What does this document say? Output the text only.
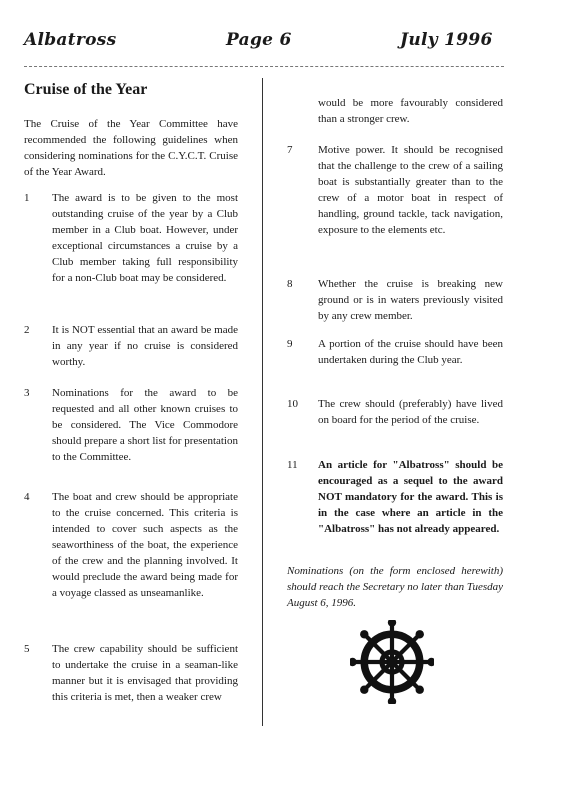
Albatross	Page 6	July 1996
Cruise of the Year
The Cruise of the Year Committee have recommended the following guidelines when considering nominations for the C.Y.C.T. Cruise of the Year Award.
1	The award is to be given to the most outstanding cruise of the year by a Club member in a Club boat. However, under exceptional circumstances a cruise by a Club member taking full responsibility for a non-Club boat may be considered.
2	It is NOT essential that an award be made in any year if no cruise is considered worthy.
3	Nominations for the award to be requested and all other known cruises to be considered. The Vice Commodore should prepare a short list for presentation to the Committee.
4	The boat and crew should be appropriate to the cruise concerned. This criteria is intended to cover such aspects as the seaworthiness of the boat, the experience of the crew and the planning involved. It would preclude the award being made for a voyage classed as unseamanlike.
5	The crew capability should be sufficient to undertake the cruise in a seaman-like manner but it is envisaged that providing this criteria is met, then a weaker crew
would be more favourably considered than a stronger crew.
7	Motive power. It should be recognised that the challenge to the crew of a sailing boat is substantially greater than to the crew of a motor boat in respect of handling, ground tackle, tack navigation, exposure to the elements etc.
8	Whether the cruise is breaking new ground or is in waters previously visited by any crew member.
9	A portion of the cruise should have been undertaken during the Club year.
10 The crew should (preferably) have lived on board for the period of the cruise.
11	An article for "Albatross" should be encouraged as a sequel to the award NOT mandatory for the award. This is in the case where an article in the "Albatross" has not already appeared.
Nominations (on the form enclosed herewith) should reach the Secretary no later than Tuesday August 6, 1996.
